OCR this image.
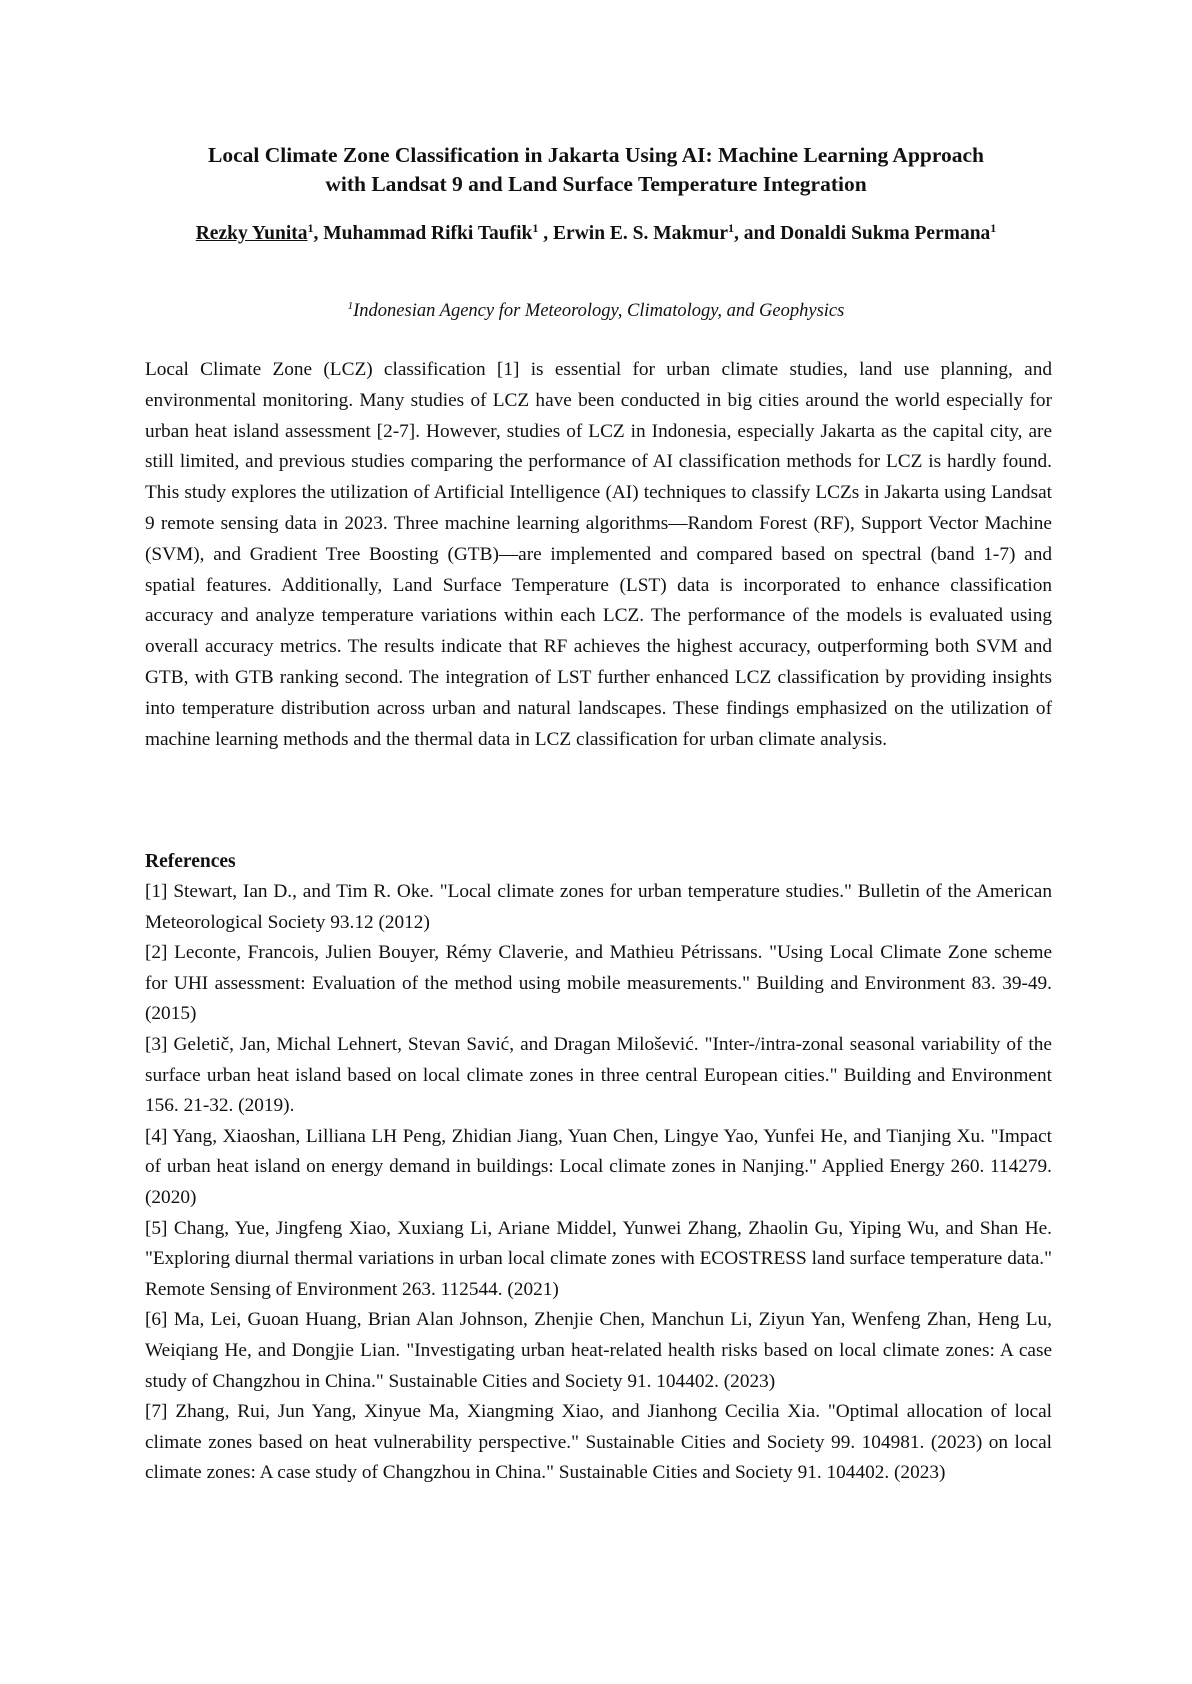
Local Climate Zone Classification in Jakarta Using AI: Machine Learning Approach
with Landsat 9 and Land Surface Temperature Integration
Rezky Yunita$^1$, Muhammad Rifki Taufik$^1$ , Erwin E. S. Makmur$^1$, and Donaldi Sukma Permana$^1$
$^1$Indonesian Agency for Meteorology, Climatology, and Geophysics

Local Climate Zone (LCZ) classification [1] is essential for urban climate studies, land use planning, and environmental monitoring. Many studies of LCZ have been conducted in big cities around the world especially for urban heat island assessment [2-7]. However, studies of LCZ in Indonesia, especially Jakarta as the capital city, are still limited, and previous studies comparing the performance of AI classification methods for LCZ is hardly found. This study explores the utilization of Artificial Intelligence (AI) techniques to classify LCZs in Jakarta using Landsat 9 remote sensing data in 2023. Three machine learning algorithms—Random Forest (RF), Support Vector Machine (SVM), and Gradient Tree Boosting (GTB)—are implemented and compared based on spectral (band 1-7) and spatial features. Additionally, Land Surface Temperature (LST) data is incorporated to enhance classification accuracy and analyze temperature variations within each LCZ. The performance of the models is evaluated using overall accuracy metrics. The results indicate that RF achieves the highest accuracy, outperforming both SVM and GTB, with GTB ranking second. The integration of LST further enhanced LCZ classification by providing insights into temperature distribution across urban and natural landscapes. These findings emphasized on the utilization of machine learning methods and the thermal data in LCZ classification for urban climate analysis.

References
[1] Stewart, Ian D., and Tim R. Oke. "Local climate zones for urban temperature studies." Bulletin of the American Meteorological Society 93.12 (2012)
[2] Leconte, Francois, Julien Bouyer, Rémy Claverie, and Mathieu Pétrissans. "Using Local Climate Zone scheme for UHI assessment: Evaluation of the method using mobile measurements." Building and Environment 83. 39-49. (2015)
[3] Geletič, Jan, Michal Lehnert, Stevan Savić, and Dragan Milošević. "Inter-/intra-zonal seasonal variability of the surface urban heat island based on local climate zones in three central European cities." Building and Environment 156. 21-32. (2019).
[4] Yang, Xiaoshan, Lilliana LH Peng, Zhidian Jiang, Yuan Chen, Lingye Yao, Yunfei He, and Tianjing Xu. "Impact of urban heat island on energy demand in buildings: Local climate zones in Nanjing." Applied Energy 260. 114279. (2020)
[5] Chang, Yue, Jingfeng Xiao, Xuxiang Li, Ariane Middel, Yunwei Zhang, Zhaolin Gu, Yiping Wu, and Shan He. "Exploring diurnal thermal variations in urban local climate zones with ECOSTRESS land surface temperature data." Remote Sensing of Environment 263. 112544. (2021)
[6] Ma, Lei, Guoan Huang, Brian Alan Johnson, Zhenjie Chen, Manchun Li, Ziyun Yan, Wenfeng Zhan, Heng Lu, Weiqiang He, and Dongjie Lian. "Investigating urban heat-related health risks based on local climate zones: A case study of Changzhou in China." Sustainable Cities and Society 91. 104402. (2023)
[7] Zhang, Rui, Jun Yang, Xinyue Ma, Xiangming Xiao, and Jianhong Cecilia Xia. "Optimal allocation of local climate zones based on heat vulnerability perspective." Sustainable Cities and Society 99. 104981. (2023) on local climate zones: A case study of Changzhou in China." Sustainable Cities and Society 91. 104402. (2023)
